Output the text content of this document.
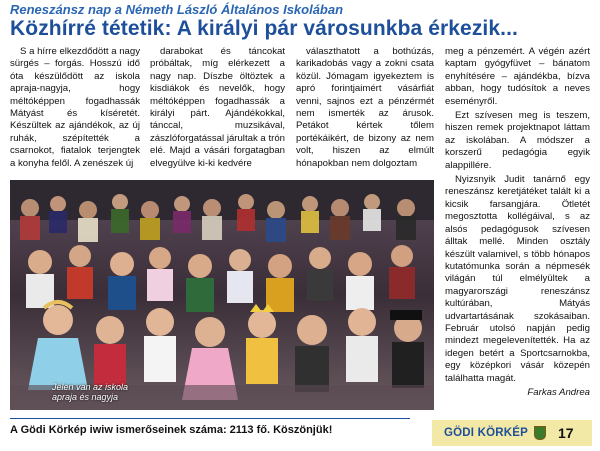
Reneszánsz nap a Németh László Általános Iskolában
Közhírré tétetik: A királyi pár városunkba érkezik...

S a hírre elkezdődött a nagy sürgés – forgás. Hosszú idő óta készülődött az iskola apraja-nagyja, hogy méltóképpen fogadhassák Mátyást és kíséretét. Készültek az ajándékok, az új ruhák, szépítették a csarnokot, fiatalok terjengtek a konyha felől. A zenészek új

darabokat és táncokat próbáltak, míg elérkezett a nagy nap. Díszbe öltöztek a kisdiákok és nevelők, hogy méltóképpen fogadhassák a királyi párt. Ajándékokkal, tánccal, muzsikával, zászlóforgatással járultak a trón elé. Majd a vásári forgatagban elvegyülve ki-ki kedvére

választhatott a bothúzás, karikadobás vagy a zokni csata közül. Jómagam igyekeztem is apró forintjaimért vásárfiát venni, sajnos ezt a pénzérmét nem ismerték az árusok. Petákot kértek tőlem portékáikért, de bizony az nem volt, hiszen az elmúlt hónapokban nem dolgoztam

meg a pénzemért. A végén azért kaptam gyógyfüvet – bánatom enyhítésére – ajándékba, bízva abban, hogy tudósítok a neves eseményről.

Ezt szívesen meg is teszem, hiszen remek projektnapot láttam az iskolában. A módszer a korszerű pedagógia egyik alappillére.

Nyizsnyik Judit tanárnő egy reneszánsz keretjátéket talált ki a kicsik farsangjára. Ötletét megosztotta kollégáival, s az alsós pedagógusok szívesen álltak mellé. Minden osztály készült valamivel, s több hónapos kutatómunka során a népmesék világán túl elmélyültek a magyarországi reneszánsz kultúrában, Mátyás udvartartásának szokásaiban. Február utolsó napján pedig mindezt megelevenítették. Ha az idegen betért a Sportcsarnokba, egy középkori vásár közepén találhatta magát.

Farkas Andrea

Jelen van az iskola apraja és nagyja
A Gödi Körkép iwiw ismerőseinek száma: 2113 fő. Köszönjük!	GÖDI KÖRKÉP 17
